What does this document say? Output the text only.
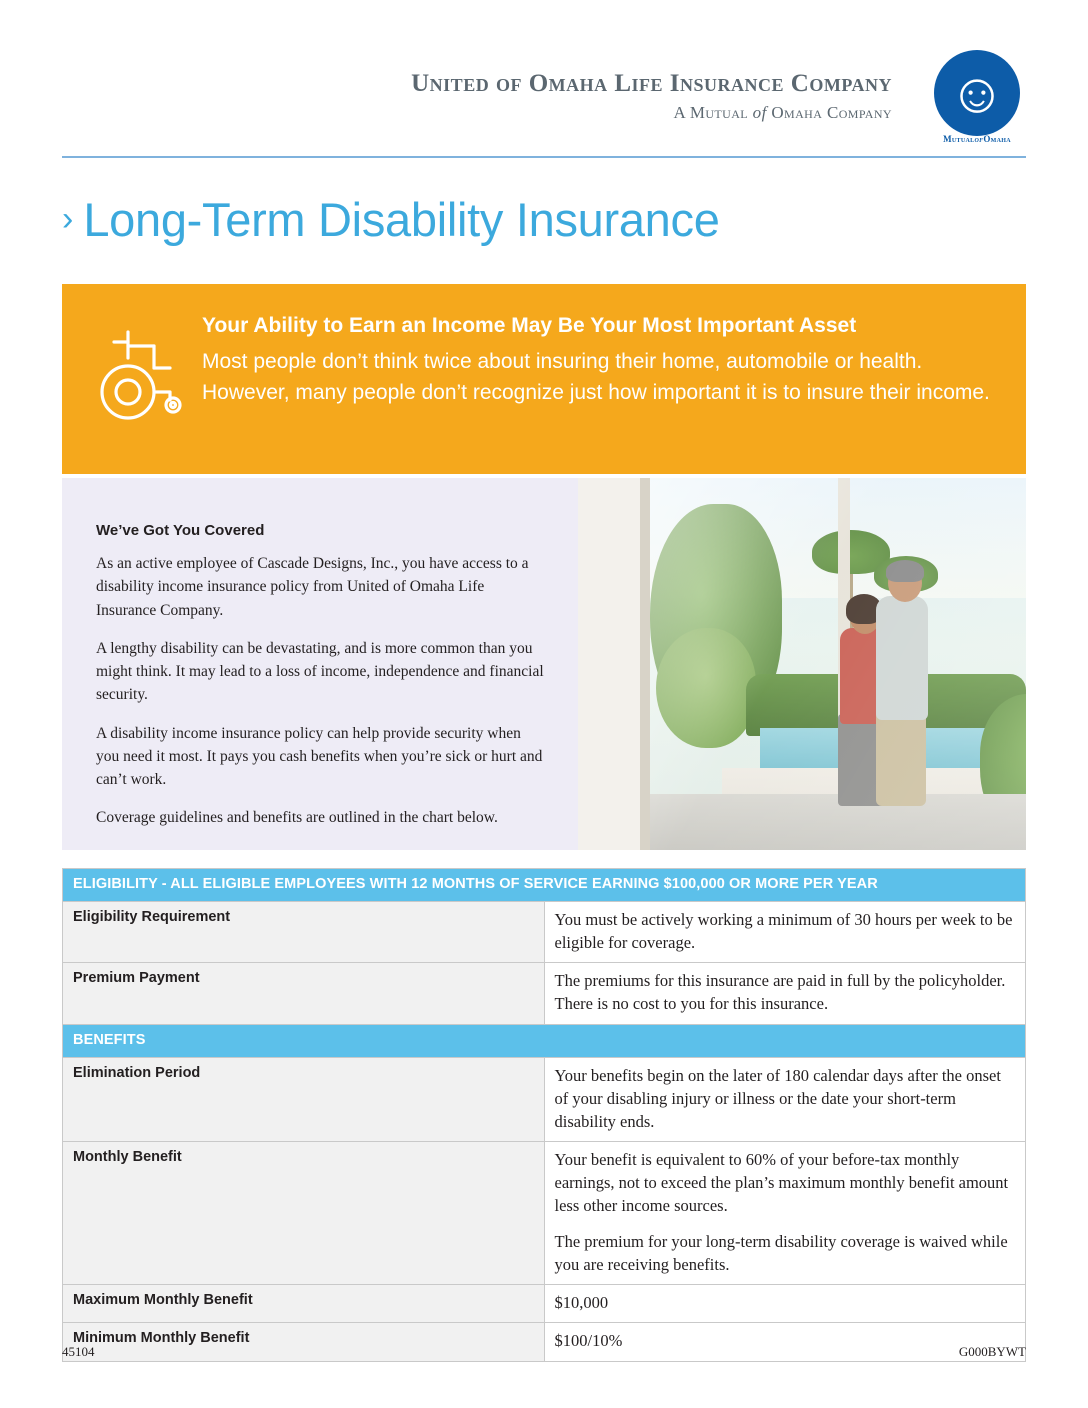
United of Omaha Life Insurance Company
A Mutual of Omaha Company ☺
MutualofOmaha
› Long-Term Disability Insurance
Your Ability to Earn an Income May Be Your Most Important Asset
Most people don’t think twice about insuring their home, automobile or health. However, many people don’t recognize just how important it is to insure their income.
We’ve Got You Covered

As an active employee of Cascade Designs, Inc., you have access to a disability income insurance policy from United of Omaha Life Insurance Company.

A lengthy disability can be devastating, and is more common than you might think. It may lead to a loss of income, independence and financial security.

A disability income insurance policy can help provide security when you need it most. It pays you cash benefits when you’re sick or hurt and can’t work.

Coverage guidelines and benefits are outlined in the chart below.

ELIGIBILITY - ALL ELIGIBLE EMPLOYEES WITH 12 MONTHS OF SERVICE EARNING $100,000 OR MORE PER YEAR	
Eligibility Requirement	You must be actively working a minimum of 30 hours per week to be eligible for coverage.
Premium Payment	The premiums for this insurance are paid in full by the policyholder. There is no cost to you for this insurance.
BENEFITS	
Elimination Period	Your benefits begin on the later of 180 calendar days after the onset of your disabling injury or illness or the date your short-term disability ends.
Monthly Benefit	Your benefit is equivalent to 60% of your before-tax monthly earnings, not to exceed the plan’s maximum monthly benefit amount less other income sources.

The premium for your long-term disability coverage is waived while you are receiving benefits.

Maximum Monthly Benefit	$10,000
Minimum Monthly Benefit	$100/10%
45104	G000BYWT
